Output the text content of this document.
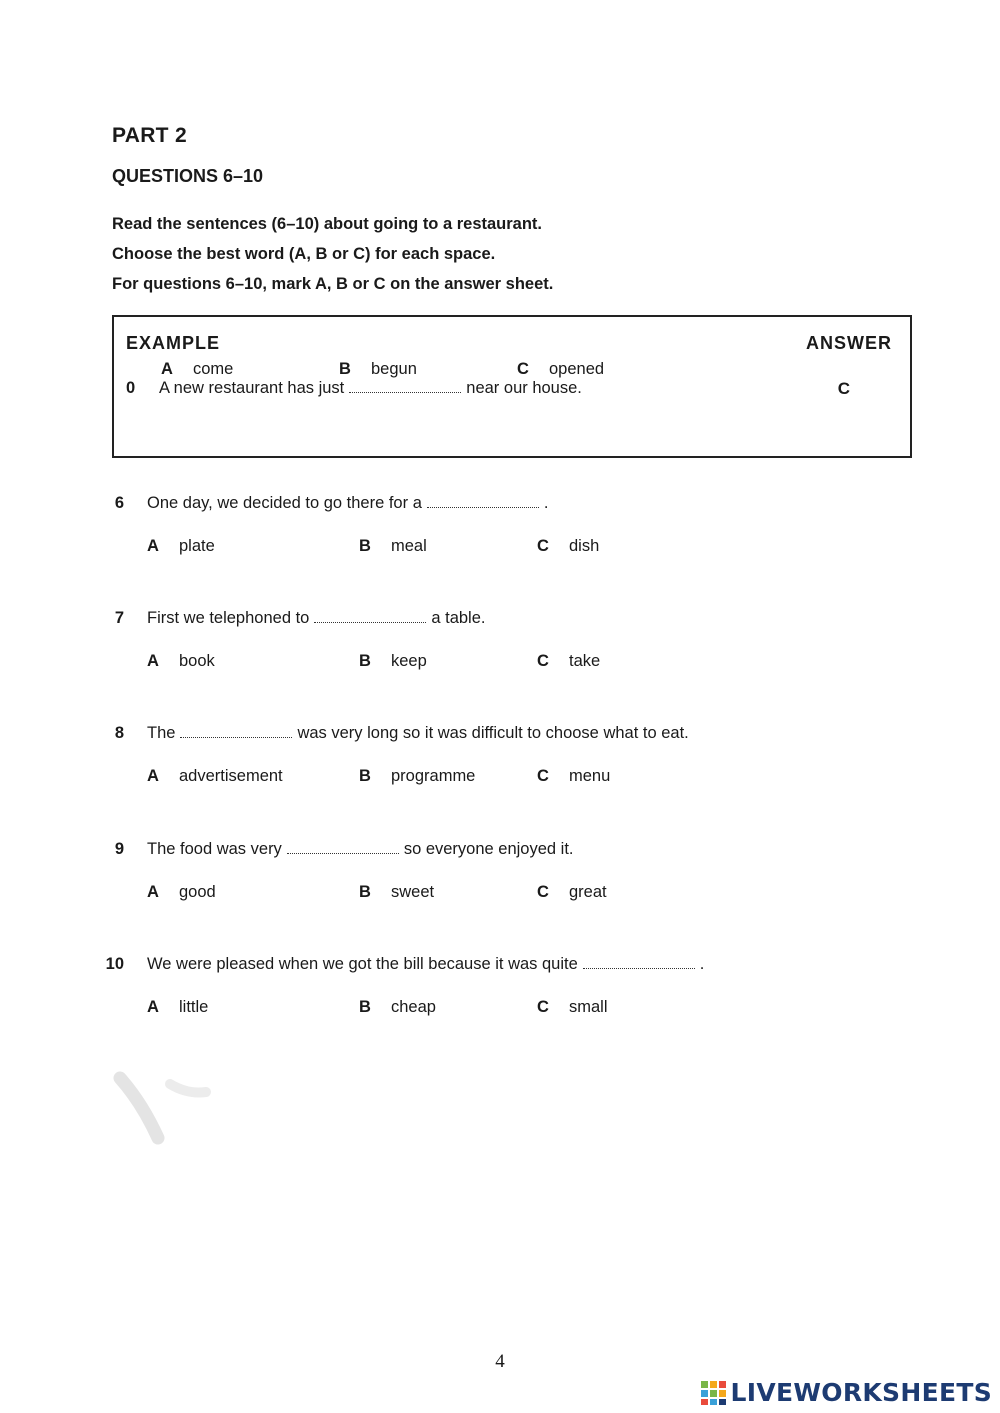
PART 2
QUESTIONS 6–10
Read the sentences (6–10) about going to a restaurant.
Choose the best word (A, B or C) for each space.
For questions 6–10, mark A, B or C on the answer sheet.
EXAMPLE	ANSWER
0 A new restaurant has just	near our house.	C
A come	B begun	C opened
6 One day, we decided to go there for a	.
A plate	B meal	C dish
7 First we telephoned to	a table.
A book	B keep	C take
8 The	was very long so it was difficult to choose what to eat.
A advertisement	B programme	C menu
9 The food was very	so everyone enjoyed it.
A good	B sweet	C great
10 We were pleased when we got the bill because it was quite	.
A little	B cheap	C small
4
LIVEWORKSHEETS
